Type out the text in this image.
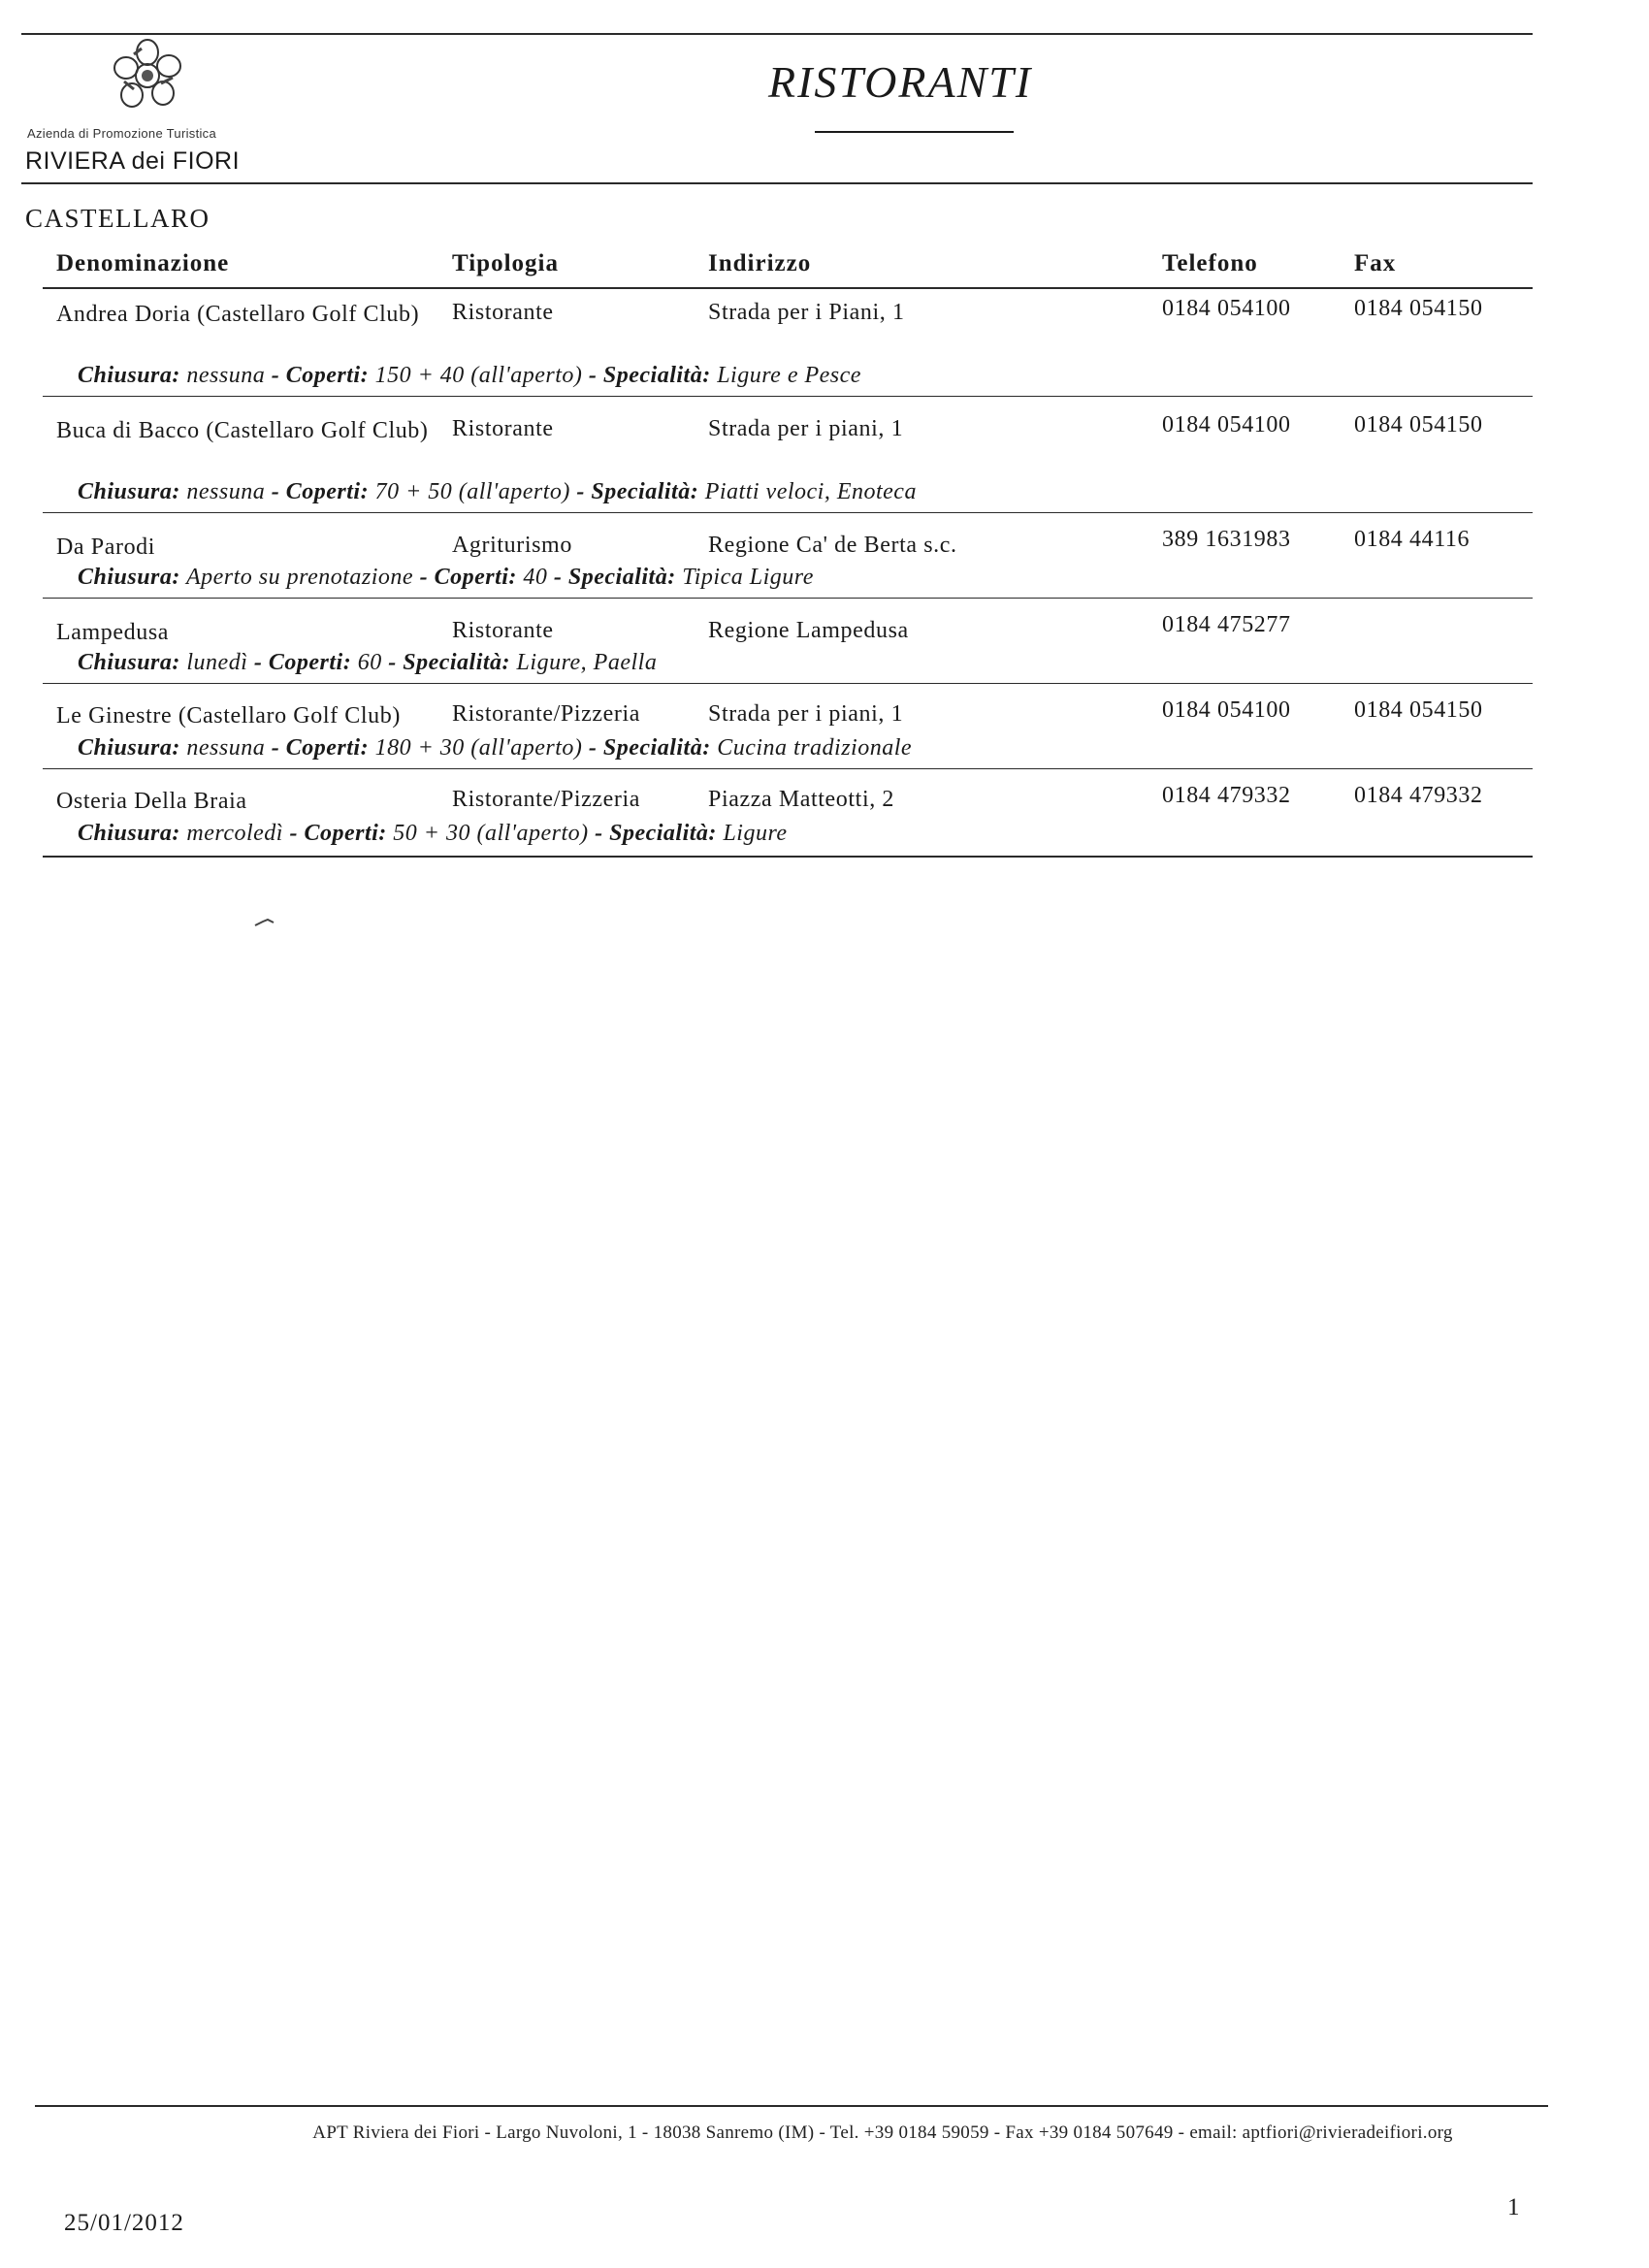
Azienda di Promozione Turistica
RIVIERA dei FIORI
RISTORANTI
CASTELLARO
Denominazione	Tipologia	Indirizzo	Telefono	Fax
Andrea Doria (Castellaro Golf Club)	Ristorante	Strada per i Piani, 1	0184 054100	0184 054150
Chiusura: nessuna - Coperti: 150 + 40 (all'aperto) - Specialità: Ligure e Pesce
Buca di Bacco (Castellaro Golf Club)	Ristorante	Strada per i piani, 1	0184 054100	0184 054150
Chiusura: nessuna - Coperti: 70 + 50 (all'aperto) - Specialità: Piatti veloci, Enoteca
Da Parodi	Agriturismo	Regione Ca' de Berta s.c.	389 1631983	0184 44116
Chiusura: Aperto su prenotazione - Coperti: 40 - Specialità: Tipica Ligure
Lampedusa	Ristorante	Regione Lampedusa	0184 475277
Chiusura: lunedì - Coperti: 60 - Specialità: Ligure, Paella
Le Ginestre (Castellaro Golf Club)	Ristorante/Pizzeria	Strada per i piani, 1	0184 054100	0184 054150
Chiusura: nessuna - Coperti: 180 + 30 (all'aperto) - Specialità: Cucina tradizionale
Osteria Della Braia	Ristorante/Pizzeria	Piazza Matteotti, 2	0184 479332	0184 479332
Chiusura: mercoledì - Coperti: 50 + 30 (all'aperto) - Specialità: Ligure
APT Riviera dei Fiori - Largo Nuvoloni, 1 - 18038 Sanremo (IM) - Tel. +39 0184 59059 - Fax +39 0184 507649 - email: aptfiori@rivieradeifiori.org
25/01/2012
1
